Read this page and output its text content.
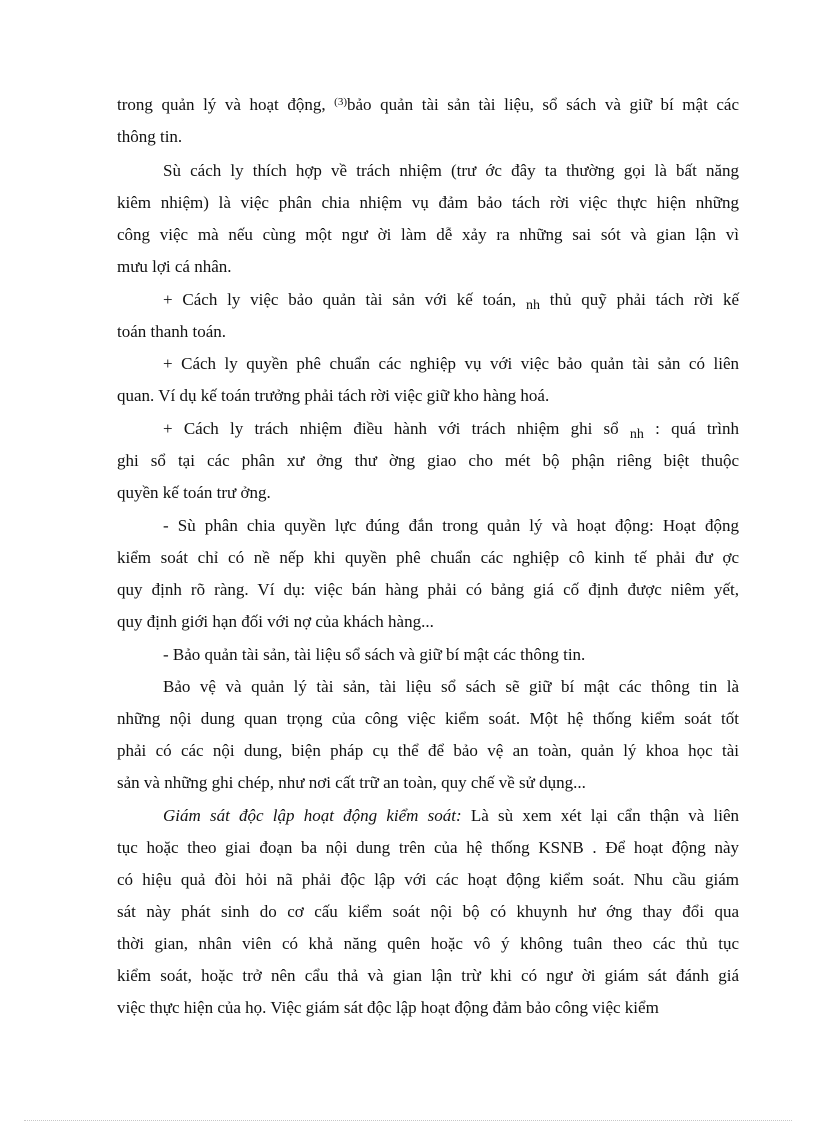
trong quản lý và hoạt động, $^{(3)}$bảo quản tài sản tài liệu, sổ sách và giữ bí mật các
thông tin.
Sù cách ly thích hợp về trách nhiệm (trư ớc đây ta thường gọi là bất năng
kiêm nhiệm) là việc phân chia nhiệm vụ đảm bảo tách rời việc thực hiện những
công việc mà nếu cùng một ngư ời làm dễ xảy ra những sai sót và gian lận vì
mưu lợi cá nhân.
+ Cách ly việc bảo quản tài sản với kế toán, $_{nh}$ thủ quỹ phải tách rời kế
toán thanh toán.
+ Cách ly quyền phê chuẩn các nghiệp vụ với việc bảo quản tài sản có liên
quan. Ví dụ kế toán trưởng phải tách rời việc giữ kho hàng hoá.
+ Cách ly trách nhiệm điều hành với trách nhiệm ghi sổ $_{nh}$ : quá trình
ghi sổ tại các phân xư ởng thư ờng giao cho mét bộ phận riêng biệt thuộc
quyền kế toán trư ởng.
- Sù phân chia quyền lực đúng đắn trong quản lý và hoạt động: Hoạt động
kiểm soát chỉ có nề nếp khi quyền phê chuẩn các nghiệp cô kinh tế phải đư ợc
quy định rõ ràng. Ví dụ: việc bán hàng phải có bảng giá cố định được niêm yết,
quy định giới hạn đối với nợ của khách hàng...
- Bảo quản tài sản, tài liệu sổ sách và giữ bí mật các thông tin.
Bảo vệ và quản lý tài sản, tài liệu sổ sách sẽ giữ bí mật các thông tin là
những nội dung quan trọng của công việc kiểm soát. Một hệ thống kiểm soát tốt
phải có các nội dung, biện pháp cụ thể để bảo vệ an toàn, quản lý khoa học tài
sản và những ghi chép, như nơi cất trữ an toàn, quy chế về sử dụng...
Giám sát độc lập hoạt động kiểm soát: Là sù xem xét lại cẩn thận và liên
tục hoặc theo giai đoạn ba nội dung trên của hệ thống KSNB . Để hoạt động này
có hiệu quả đòi hỏi nã phải độc lập với các hoạt động kiểm soát. Nhu cầu giám
sát này phát sinh do cơ cấu kiểm soát nội bộ có khuynh hư ớng thay đổi qua
thời gian, nhân viên có khả năng quên hoặc vô ý không tuân theo các thủ tục
kiểm soát, hoặc trở nên cẩu thả và gian lận trừ khi có ngư ời giám sát đánh giá
việc thực hiện của họ. Việc giám sát độc lập hoạt động đảm bảo công việc kiểm
